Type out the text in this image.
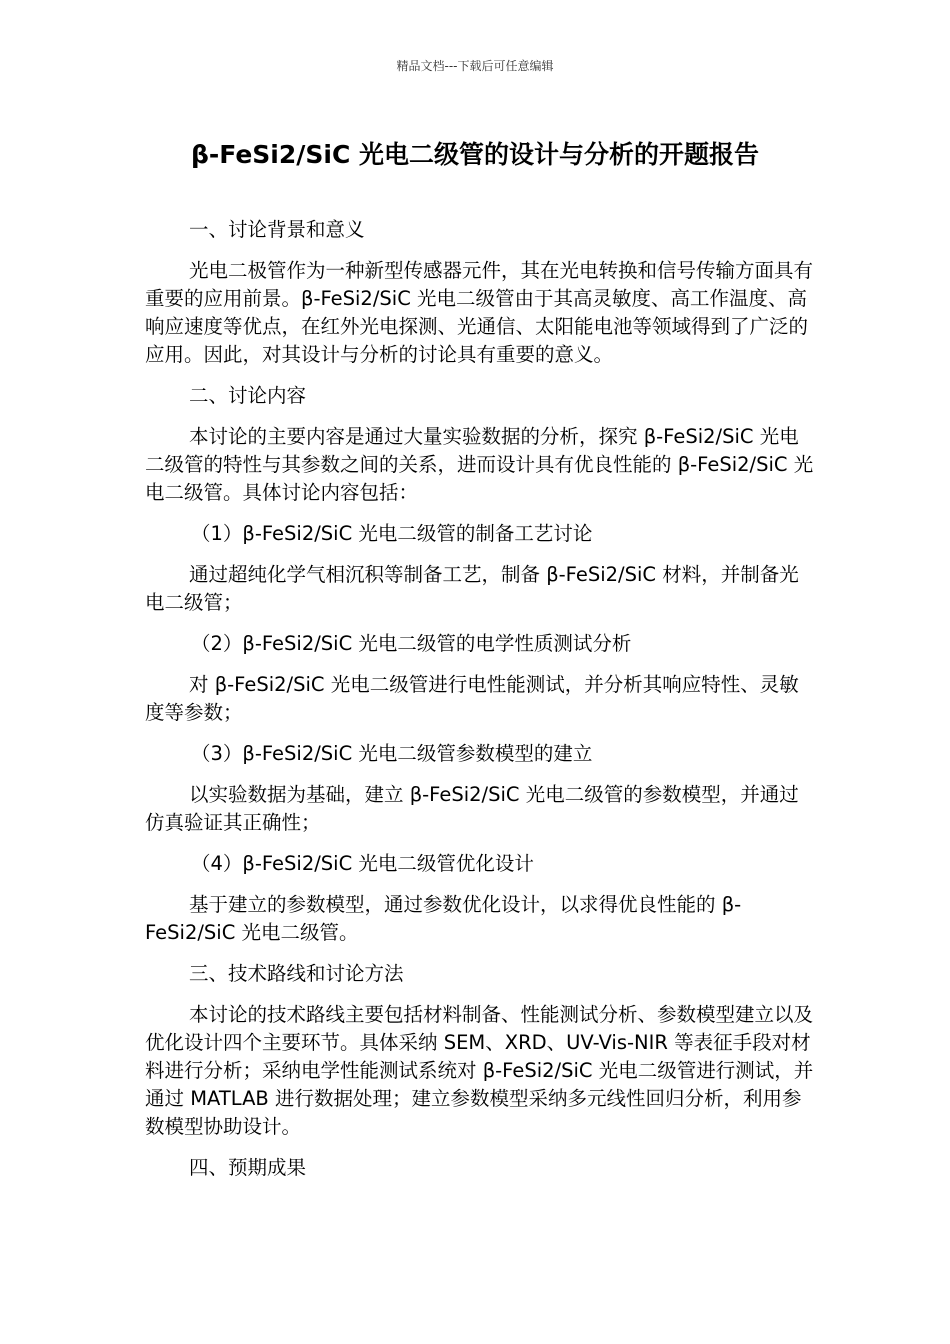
精品文档---下载后可任意编辑
β-FeSi2/SiC 光电二级管的设计与分析的开题报告

一、讨论背景和意义

光电二极管作为一种新型传感器元件，其在光电转换和信号传输方面具有重要的应用前景。β-FeSi2/SiC 光电二级管由于其高灵敏度、高工作温度、高响应速度等优点，在红外光电探测、光通信、太阳能电池等领域得到了广泛的应用。因此，对其设计与分析的讨论具有重要的意义。

二、讨论内容

本讨论的主要内容是通过大量实验数据的分析，探究 β-FeSi2/SiC 光电二级管的特性与其参数之间的关系，进而设计具有优良性能的 β-FeSi2/SiC 光电二级管。具体讨论内容包括：

（1）β-FeSi2/SiC 光电二级管的制备工艺讨论

通过超纯化学气相沉积等制备工艺，制备 β-FeSi2/SiC 材料，并制备光电二级管；

（2）β-FeSi2/SiC 光电二级管的电学性质测试分析

对 β-FeSi2/SiC 光电二级管进行电性能测试，并分析其响应特性、灵敏度等参数；

（3）β-FeSi2/SiC 光电二级管参数模型的建立

以实验数据为基础，建立 β-FeSi2/SiC 光电二级管的参数模型，并通过仿真验证其正确性；

（4）β-FeSi2/SiC 光电二级管优化设计

基于建立的参数模型，通过参数优化设计，以求得优良性能的 β-FeSi2/SiC 光电二级管。

三、技术路线和讨论方法

本讨论的技术路线主要包括材料制备、性能测试分析、参数模型建立以及优化设计四个主要环节。具体采纳 SEM、XRD、UV-Vis-NIR 等表征手段对材料进行分析；采纳电学性能测试系统对 β-FeSi2/SiC 光电二级管进行测试，并通过 MATLAB 进行数据处理；建立参数模型采纳多元线性回归分析，利用参数模型协助设计。

四、预期成果
